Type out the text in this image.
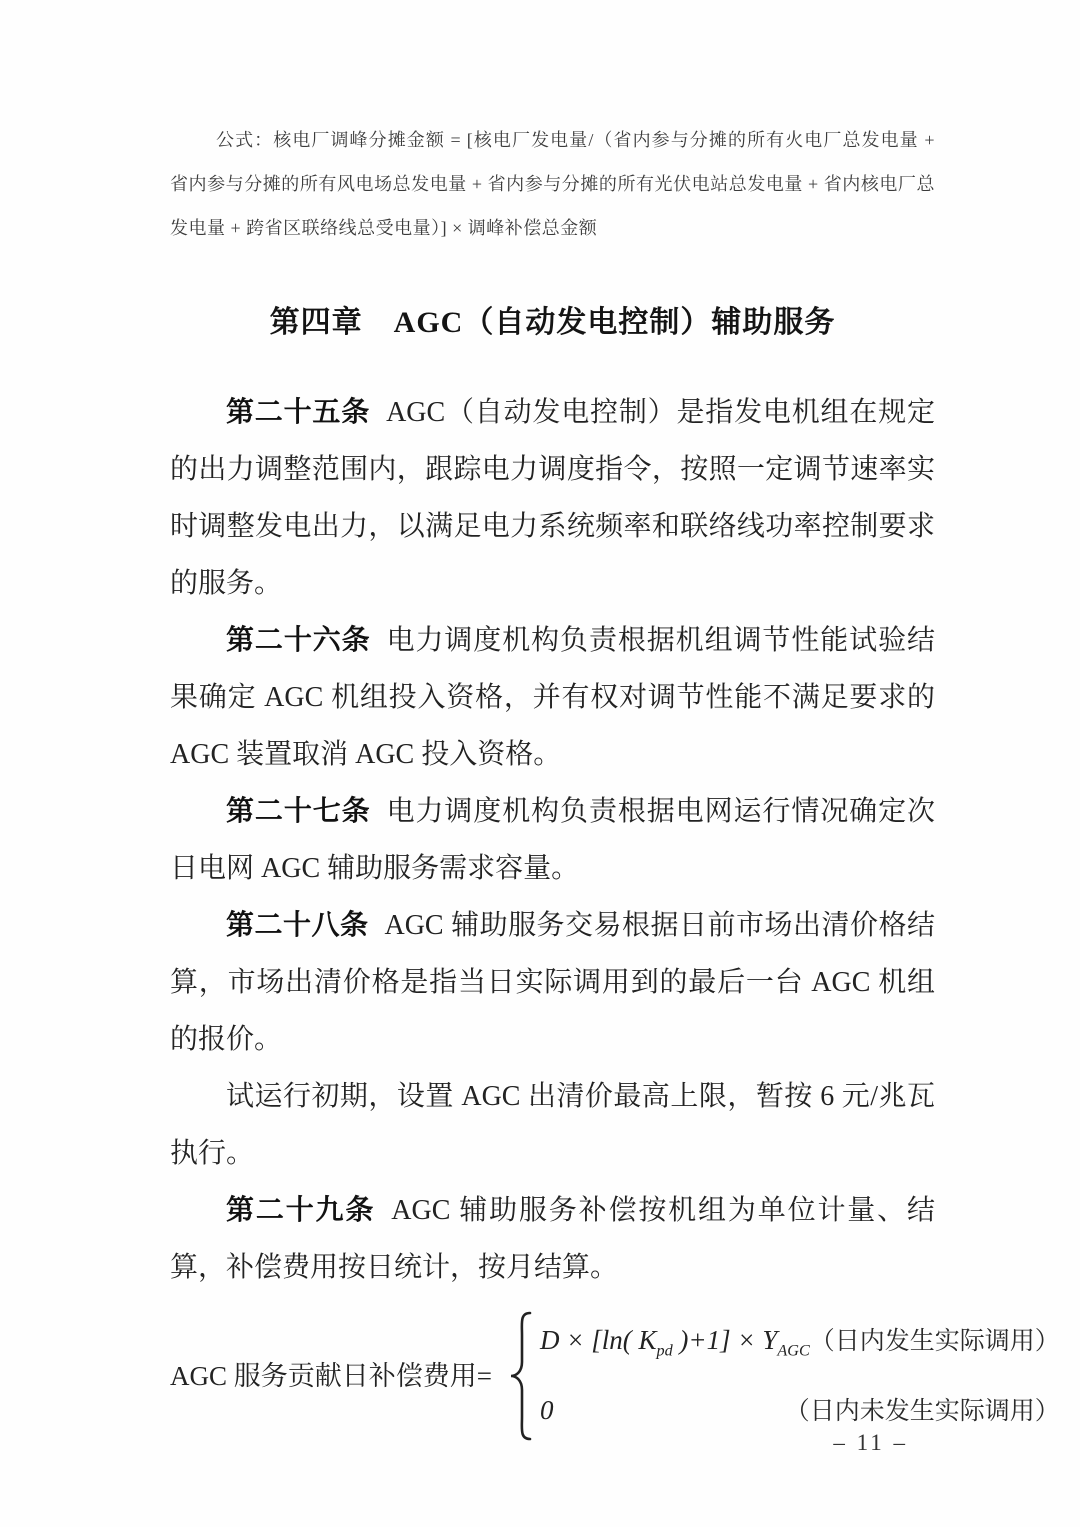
公式：核电厂调峰分摊金额 = [核电厂发电量/（省内参与分摊的所有火电厂总发电量 + 省内参与分摊的所有风电场总发电量 + 省内参与分摊的所有光伏电站总发电量 + 省内核电厂总发电量 + 跨省区联络线总受电量）] × 调峰补偿总金额

第四章　AGC（自动发电控制）辅助服务

第二十五条 AGC（自动发电控制）是指发电机组在规定的出力调整范围内，跟踪电力调度指令，按照一定调节速率实时调整发电出力，以满足电力系统频率和联络线功率控制要求的服务。

第二十六条 电力调度机构负责根据机组调节性能试验结果确定 AGC 机组投入资格，并有权对调节性能不满足要求的 AGC 装置取消 AGC 投入资格。

第二十七条 电力调度机构负责根据电网运行情况确定次日电网 AGC 辅助服务需求容量。

第二十八条 AGC 辅助服务交易根据日前市场出清价格结算，市场出清价格是指当日实际调用到的最后一台 AGC 机组的报价。

试运行初期，设置 AGC 出清价最高上限，暂按 6 元/兆瓦执行。

第二十九条 AGC 辅助服务补偿按机组为单位计量、结算，补偿费用按日统计，按月结算。

AGC 服务贡献日补偿费用=
D × [ln( $K_{pd}$ )$+1] \times Y_{AGC}$ （日内发生实际调用）
0	（日内未发生实际调用）
– 11 –
